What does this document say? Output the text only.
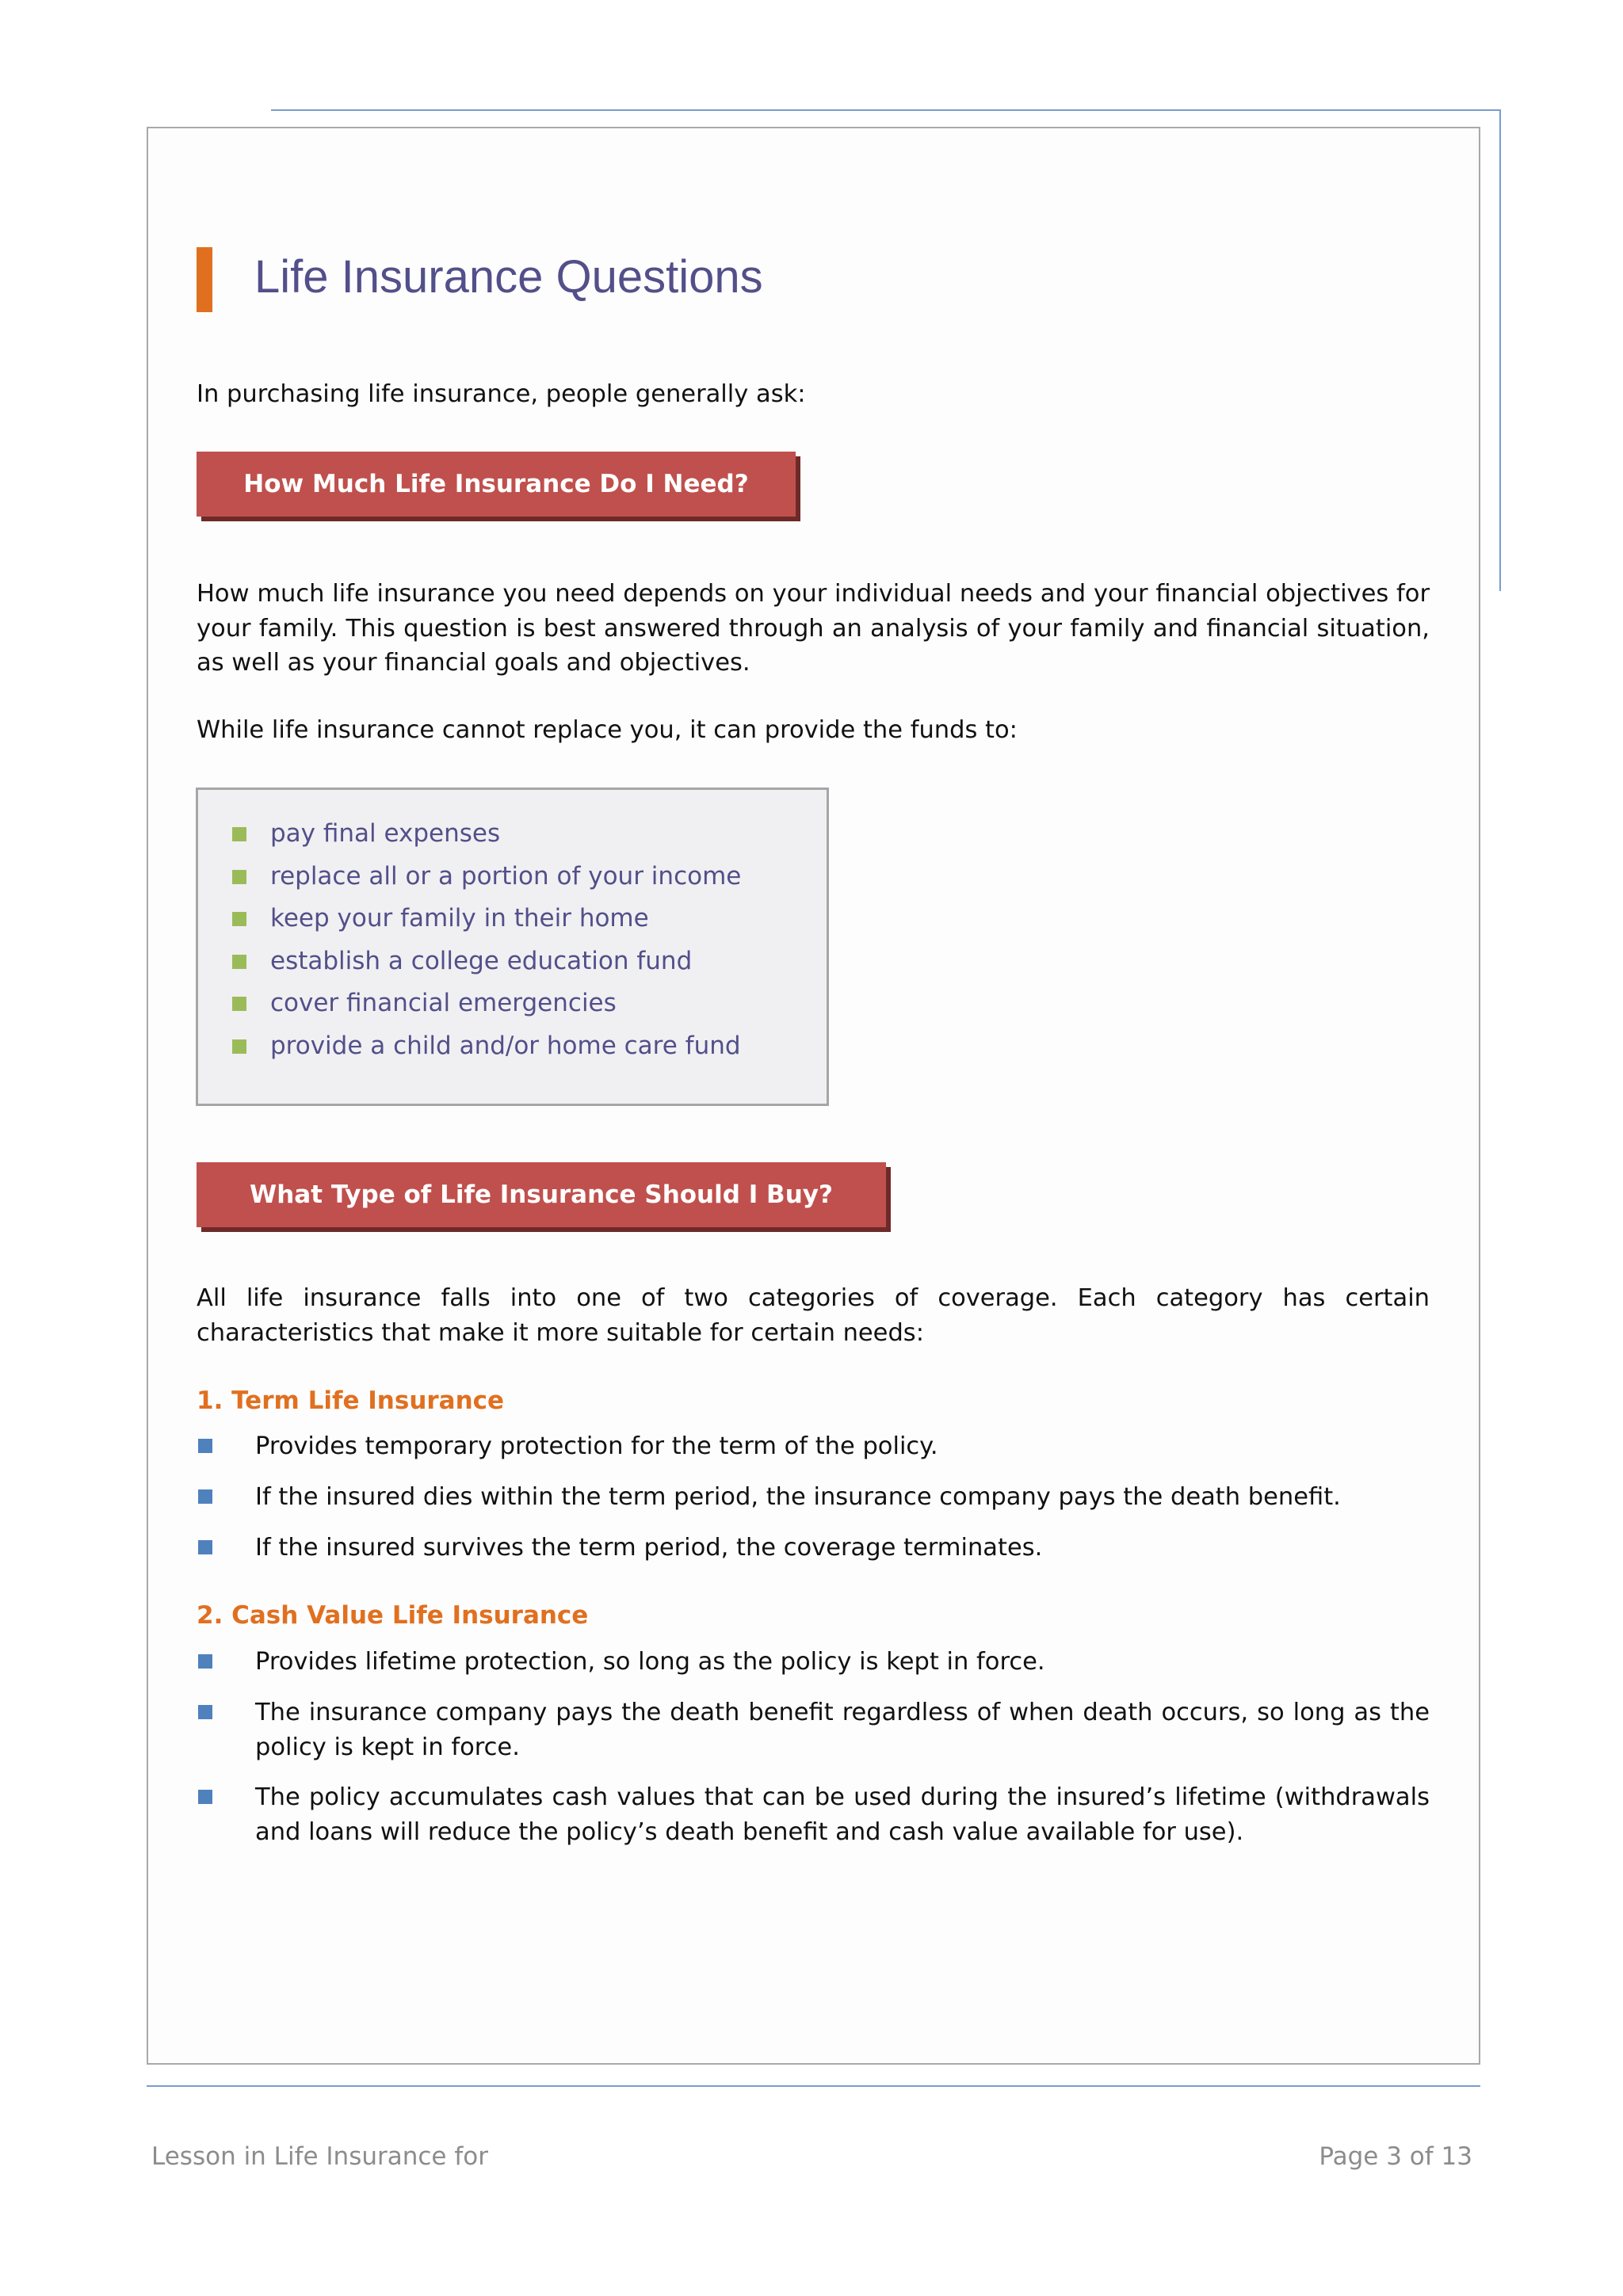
Life Insurance Questions

In purchasing life insurance, people generally ask:

How Much Life Insurance Do I Need?

How much life insurance you need depends on your individual needs and your financial objectives for your family. This question is best answered through an analysis of your family and financial situation, as well as your financial goals and objectives.

While life insurance cannot replace you, it can provide the funds to:

pay final expenses
replace all or a portion of your income
keep your family in their home
establish a college education fund
cover financial emergencies
provide a child and/or home care fund
What Type of Life Insurance Should I Buy?

All life insurance falls into one of two categories of coverage. Each category has certain characteristics that make it more suitable for certain needs:

1. Term Life Insurance

Provides temporary protection for the term of the policy.

If the insured dies within the term period, the insurance company pays the death benefit.

If the insured survives the term period, the coverage terminates.

2. Cash Value Life Insurance

Provides lifetime protection, so long as the policy is kept in force.

The insurance company pays the death benefit regardless of when death occurs, so long as the policy is kept in force.

The policy accumulates cash values that can be used during the insured’s lifetime (withdrawals and loans will reduce the policy’s death benefit and cash value available for use).

Lesson in Life Insurance for	Page 3 of 13
